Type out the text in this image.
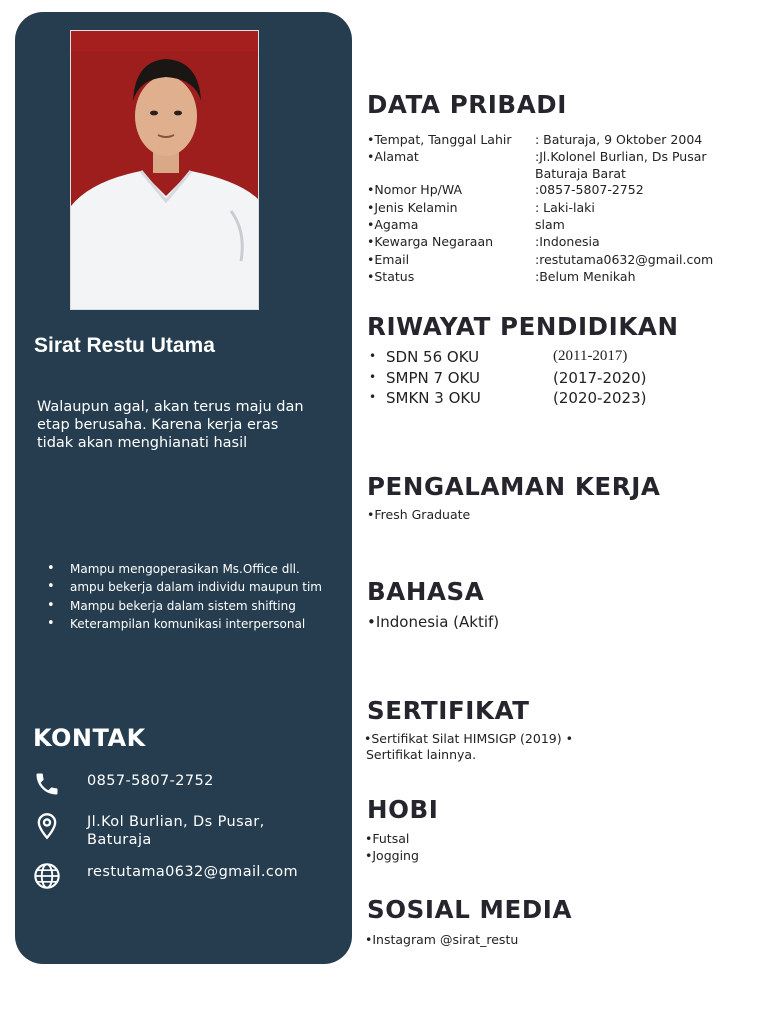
Sirat Restu Utama
Walaupun agal, akan terus maju dan
etap berusaha. Karena kerja eras
tidak akan menghianati hasil
• Mampu mengoperasikan Ms.Office dll.
• ampu bekerja dalam individu maupun tim
• Mampu bekerja dalam sistem shifting
• Keterampilan komunikasi interpersonal
KONTAK
0857-5807-2752
Jl.Kol Burlian, Ds Pusar,
Baturaja
restutama0632@gmail.com
DATA PRIBADI
•Tempat, Tanggal Lahir : Baturaja, 9 Oktober 2004
•Alamat	:Jl.Kolonel Burlian, Ds Pusar
Baturaja Barat
•Nomor Hp/WA	:0857-5807-2752
•Jenis Kelamin	: Laki-laki
•Agama	slam
•Kewarga Negaraan	:Indonesia
•Email	:restutama0632@gmail.com
•Status	:Belum Menikah
RIWAYAT PENDIDIKAN
• SDN 56 OKU	(2011-2017)
• SMPN 7 OKU	(2017-2020)
• SMKN 3 OKU	(2020-2023)
PENGALAMAN KERJA
•Fresh Graduate
BAHASA
•Indonesia (Aktif)
SERTIFIKAT
•Sertifikat Silat HIMSIGP (2019) •
Sertifikat lainnya.
HOBI
•Futsal
•Jogging
SOSIAL MEDIA
•Instagram @sirat_restu
